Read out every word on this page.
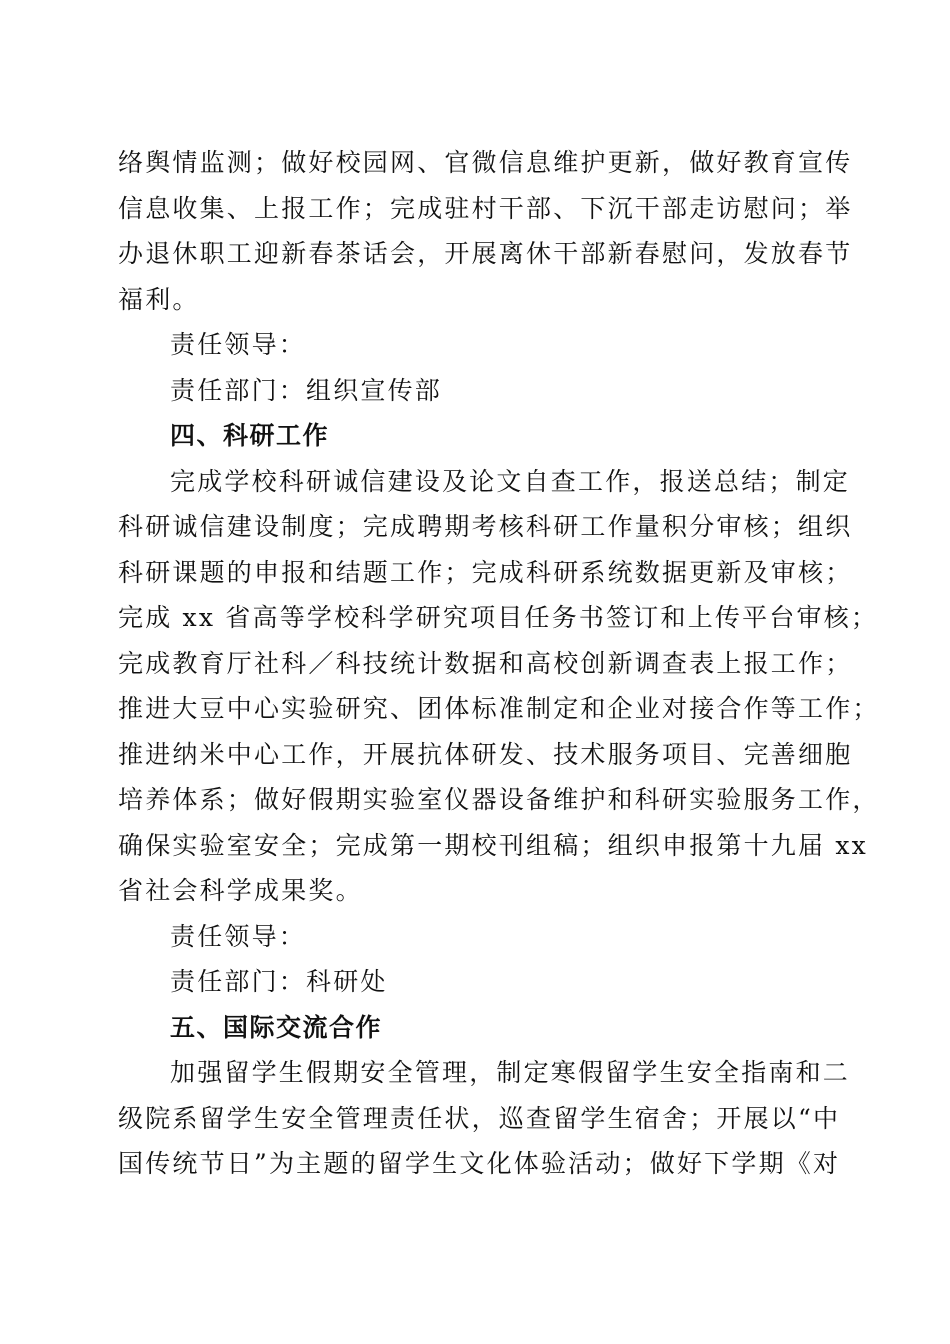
络舆情监测；做好校园网、官微信息维护更新，做好教育宣传
信息收集、上报工作；完成驻村干部、下沉干部走访慰问；举
办退休职工迎新春茶话会，开展离休干部新春慰问，发放春节
福利。
责任领导：
责任部门：组织宣传部
四、科研工作
完成学校科研诚信建设及论文自查工作，报送总结；制定
科研诚信建设制度；完成聘期考核科研工作量积分审核；组织
科研课题的申报和结题工作；完成科研系统数据更新及审核；
完成 xx 省高等学校科学研究项目任务书签订和上传平台审核；
完成教育厅社科／科技统计数据和高校创新调查表上报工作；
推进大豆中心实验研究、团体标准制定和企业对接合作等工作；
推进纳米中心工作，开展抗体研发、技术服务项目、完善细胞
培养体系；做好假期实验室仪器设备维护和科研实验服务工作，
确保实验室安全；完成第一期校刊组稿；组织申报第十九届 xx
省社会科学成果奖。
责任领导：
责任部门：科研处
五、国际交流合作
加强留学生假期安全管理，制定寒假留学生安全指南和二
级院系留学生安全管理责任状，巡查留学生宿舍；开展以“中
国传统节日”为主题的留学生文化体验活动；做好下学期《对
